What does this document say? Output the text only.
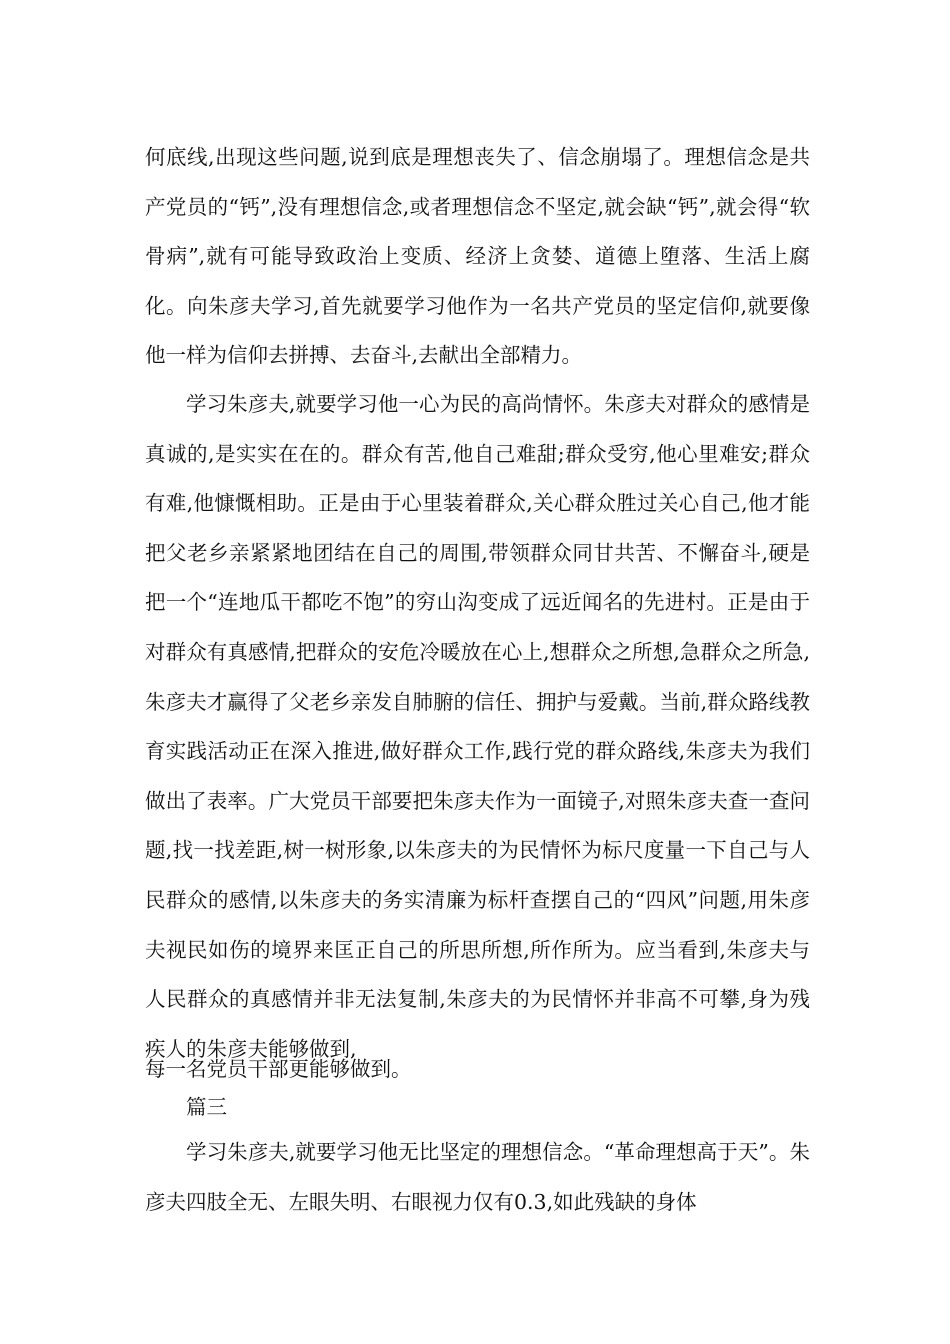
何底线,出现这些问题,说到底是理想丧失了、信念崩塌了。理想信念是共产党员的“钙”,没有理想信念,或者理想信念不坚定,就会缺“钙”,就会得“软骨病”,就有可能导致政治上变质、经济上贪婪、道德上堕落、生活上腐化。向朱彦夫学习,首先就要学习他作为一名共产党员的坚定信仰,就要像他一样为信仰去拼搏、去奋斗,去献出全部精力。

学习朱彦夫,就要学习他一心为民的高尚情怀。朱彦夫对群众的感情是真诚的,是实实在在的。群众有苦,他自己难甜;群众受穷,他心里难安;群众有难,他慷慨相助。正是由于心里装着群众,关心群众胜过关心自己,他才能把父老乡亲紧紧地团结在自己的周围,带领群众同甘共苦、不懈奋斗,硬是把一个“连地瓜干都吃不饱”的穷山沟变成了远近闻名的先进村。正是由于对群众有真感情,把群众的安危冷暖放在心上,想群众之所想,急群众之所急,朱彦夫才赢得了父老乡亲发自肺腑的信任、拥护与爱戴。当前,群众路线教育实践活动正在深入推进,做好群众工作,践行党的群众路线,朱彦夫为我们做出了表率。广大党员干部要把朱彦夫作为一面镜子,对照朱彦夫查一查问题,找一找差距,树一树形象,以朱彦夫的为民情怀为标尺度量一下自己与人民群众的感情,以朱彦夫的务实清廉为标杆查摆自己的“四风”问题,用朱彦夫视民如伤的境界来匡正自己的所思所想,所作所为。应当看到,朱彦夫与人民群众的真感情并非无法复制,朱彦夫的为民情怀并非高不可攀,身为残疾人的朱彦夫能够做到,

每一名党员干部更能够做到。

篇三

学习朱彦夫,就要学习他无比坚定的理想信念。“革命理想高于天”。朱彦夫四肢全无、左眼失明、右眼视力仅有0.3,如此残缺的身体
